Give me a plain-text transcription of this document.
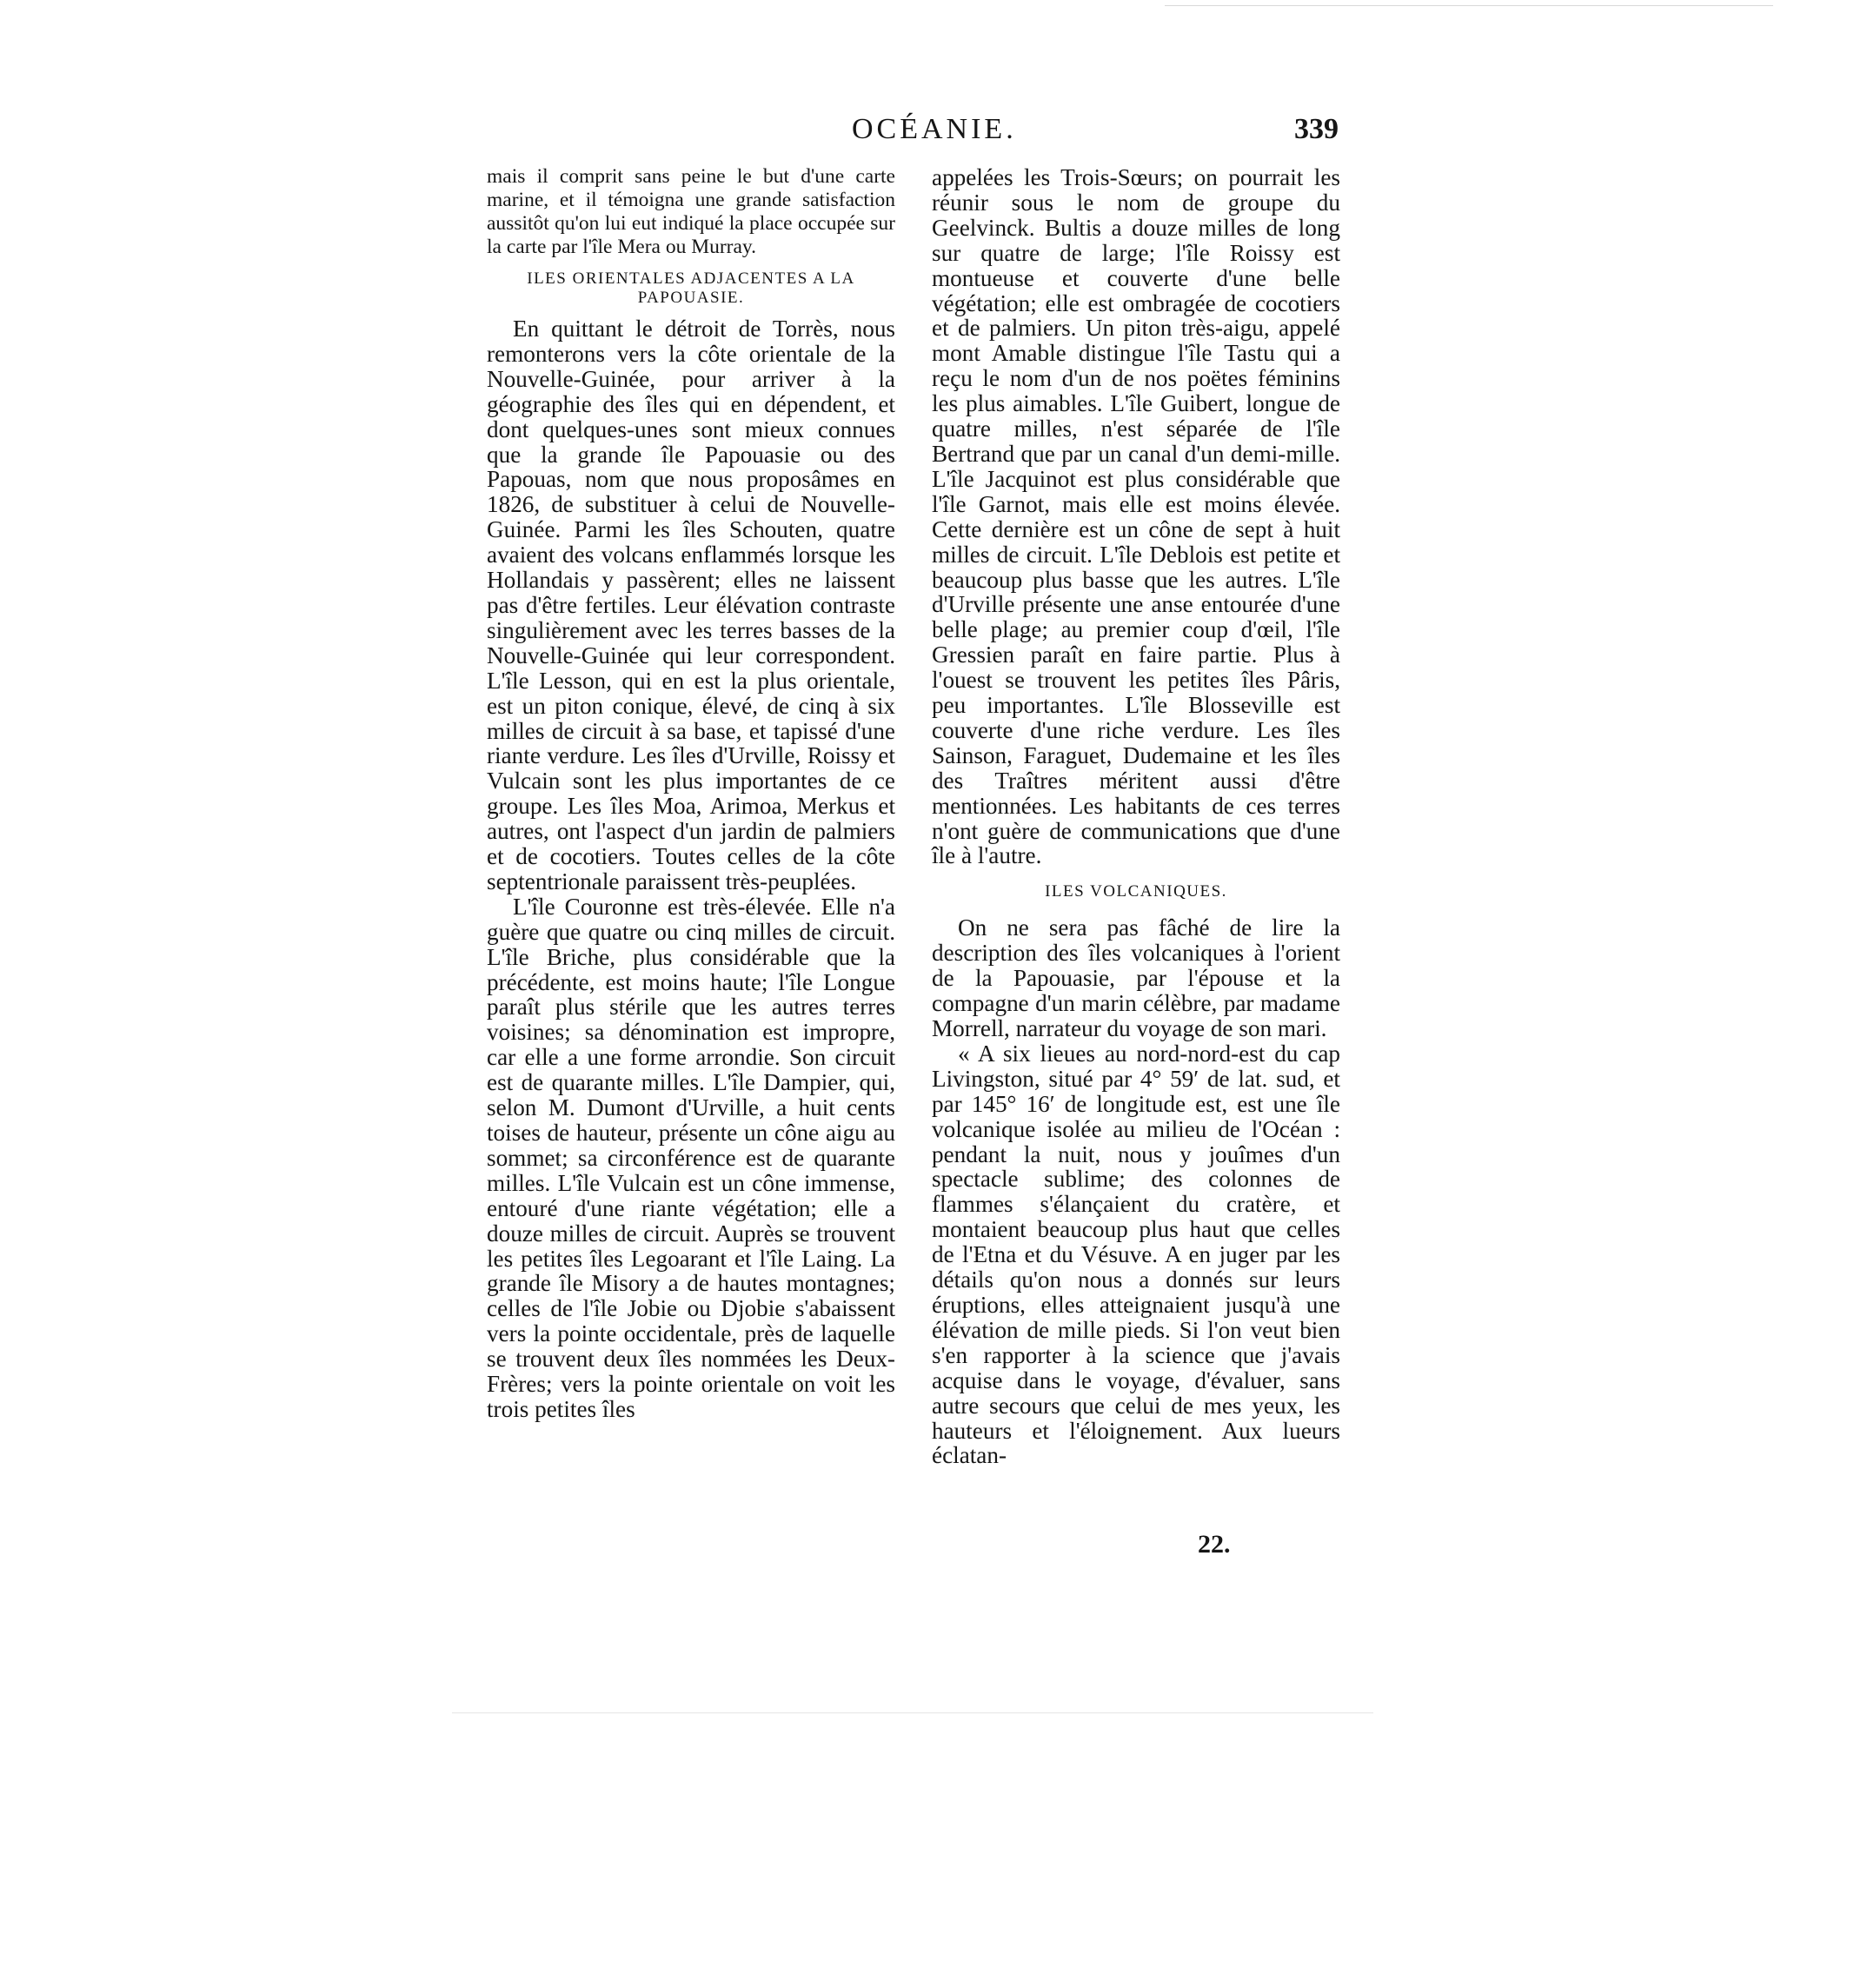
OCÉANIE.	339

mais il comprit sans peine le but d'une carte marine, et il témoigna une grande satisfaction aussitôt qu'on lui eut indiqué la place occupée sur la carte par l'île Mera ou Murray.

ILES ORIENTALES ADJACENTES A LA PAPOUASIE.

En quittant le détroit de Torrès, nous remonterons vers la côte orientale de la Nouvelle-Guinée, pour arriver à la géographie des îles qui en dépendent, et dont quelques-unes sont mieux connues que la grande île Papouasie ou des Papouas, nom que nous proposâmes en 1826, de substituer à celui de Nouvelle-Guinée. Parmi les îles Schouten, quatre avaient des volcans enflammés lorsque les Hollandais y passèrent; elles ne laissent pas d'être fertiles. Leur élévation contraste singulièrement avec les terres basses de la Nouvelle-Guinée qui leur correspondent. L'île Lesson, qui en est la plus orientale, est un piton conique, élevé, de cinq à six milles de circuit à sa base, et tapissé d'une riante verdure. Les îles d'Urville, Roissy et Vulcain sont les plus importantes de ce groupe. Les îles Moa, Arimoa, Merkus et autres, ont l'aspect d'un jardin de palmiers et de cocotiers. Toutes celles de la côte septentrionale paraissent très-peuplées.

L'île Couronne est très-élevée. Elle n'a guère que quatre ou cinq milles de circuit. L'île Briche, plus considérable que la précédente, est moins haute; l'île Longue paraît plus stérile que les autres terres voisines; sa dénomination est impropre, car elle a une forme arrondie. Son circuit est de quarante milles. L'île Dampier, qui, selon M. Dumont d'Urville, a huit cents toises de hauteur, présente un cône aigu au sommet; sa circonférence est de quarante milles. L'île Vulcain est un cône immense, entouré d'une riante végétation; elle a douze milles de circuit. Auprès se trouvent les petites îles Legoarant et l'île Laing. La grande île Misory a de hautes montagnes; celles de l'île Jobie ou Djobie s'abaissent vers la pointe occidentale, près de laquelle se trouvent deux îles nommées les Deux-Frères; vers la pointe orientale on voit les trois petites îles

appelées les Trois-Sœurs; on pourrait les réunir sous le nom de groupe du Geelvinck. Bultis a douze milles de long sur quatre de large; l'île Roissy est montueuse et couverte d'une belle végétation; elle est ombragée de cocotiers et de palmiers. Un piton très-aigu, appelé mont Amable distingue l'île Tastu qui a reçu le nom d'un de nos poëtes féminins les plus aimables. L'île Guibert, longue de quatre milles, n'est séparée de l'île Bertrand que par un canal d'un demi-mille. L'île Jacquinot est plus considérable que l'île Garnot, mais elle est moins élevée. Cette dernière est un cône de sept à huit milles de circuit. L'île Deblois est petite et beaucoup plus basse que les autres. L'île d'Urville présente une anse entourée d'une belle plage; au premier coup d'œil, l'île Gressien paraît en faire partie. Plus à l'ouest se trouvent les petites îles Pâris, peu importantes. L'île Blosseville est couverte d'une riche verdure. Les îles Sainson, Faraguet, Dudemaine et les îles des Traîtres méritent aussi d'être mentionnées. Les habitants de ces terres n'ont guère de communications que d'une île à l'autre.

ILES VOLCANIQUES.

On ne sera pas fâché de lire la description des îles volcaniques à l'orient de la Papouasie, par l'épouse et la compagne d'un marin célèbre, par madame Morrell, narrateur du voyage de son mari.

« A six lieues au nord-nord-est du cap Livingston, situé par 4° 59′ de lat. sud, et par 145° 16′ de longitude est, est une île volcanique isolée au milieu de l'Océan : pendant la nuit, nous y jouîmes d'un spectacle sublime; des colonnes de flammes s'élançaient du cratère, et montaient beaucoup plus haut que celles de l'Etna et du Vésuve. A en juger par les détails qu'on nous a donnés sur leurs éruptions, elles atteignaient jusqu'à une élévation de mille pieds. Si l'on veut bien s'en rapporter à la science que j'avais acquise dans le voyage, d'évaluer, sans autre secours que celui de mes yeux, les hauteurs et l'éloignement. Aux lueurs éclatan-

22.
